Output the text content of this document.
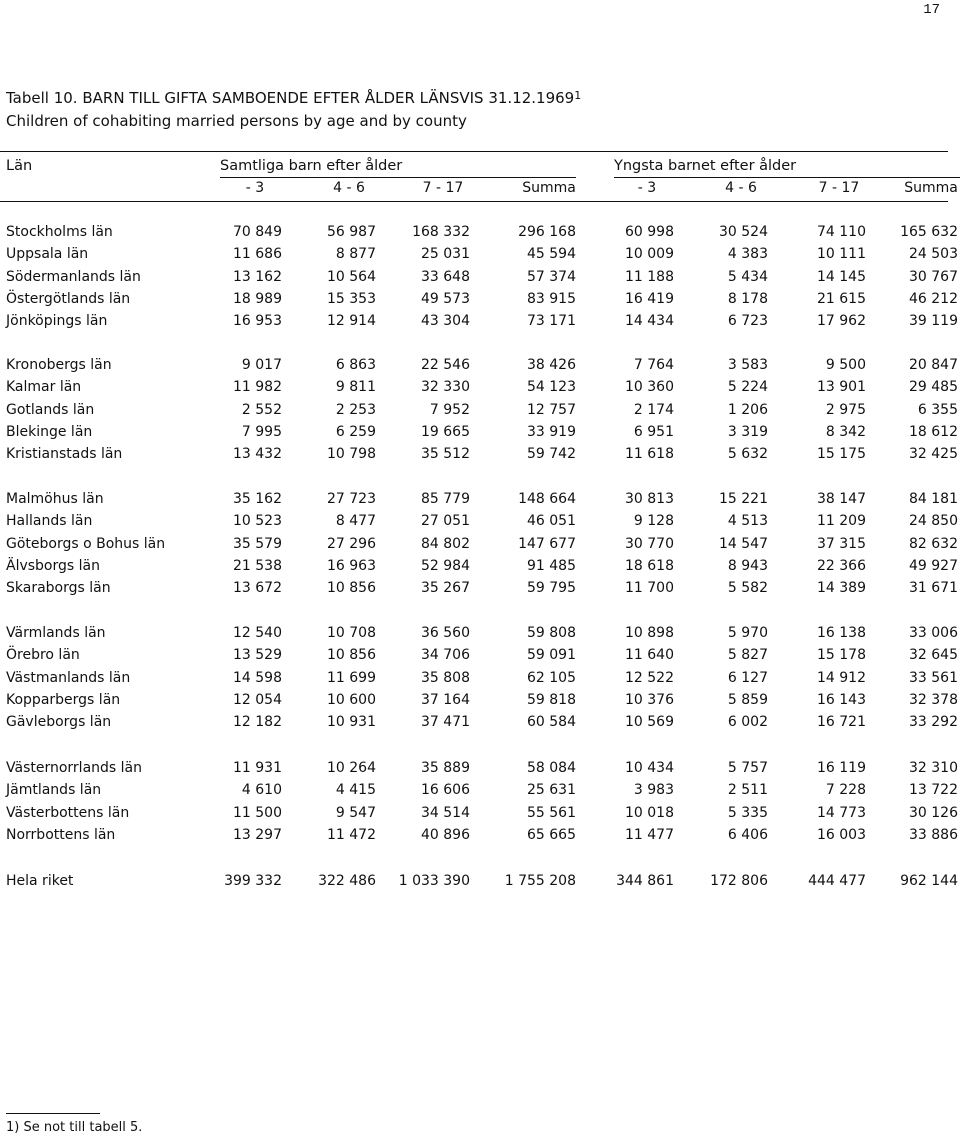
17
Tabell 10. BARN TILL GIFTA SAMBOENDE EFTER ÅLDER LÄNSVIS 31.12.1969$^1$
Children of cohabiting married persons by age and by county
Län	Samtliga barn efter ålder	Yngsta barnet efter ålder
- 3	4 - 6	7 - 17	Summa	- 3	4 - 6	7 - 17	Summa
Stockholms län	70 849	56 987	168 332	296 168	60 998	30 524	74 110	165 632
Uppsala län	11 686	8 877	25 031	45 594	10 009	4 383	10 111	24 503
Södermanlands län	13 162	10 564	33 648	57 374	11 188	5 434	14 145	30 767
Östergötlands län	18 989	15 353	49 573	83 915	16 419	8 178	21 615	46 212
Jönköpings län	16 953	12 914	43 304	73 171	14 434	6 723	17 962	39 119
Kronobergs län	9 017	6 863	22 546	38 426	7 764	3 583	9 500	20 847
Kalmar län	11 982	9 811	32 330	54 123	10 360	5 224	13 901	29 485
Gotlands län	2 552	2 253	7 952	12 757	2 174	1 206	2 975	6 355
Blekinge län	7 995	6 259	19 665	33 919	6 951	3 319	8 342	18 612
Kristianstads län	13 432	10 798	35 512	59 742	11 618	5 632	15 175	32 425
Malmöhus län	35 162	27 723	85 779	148 664	30 813	15 221	38 147	84 181
Hallands län	10 523	8 477	27 051	46 051	9 128	4 513	11 209	24 850
Göteborgs o Bohus län	35 579	27 296	84 802	147 677	30 770	14 547	37 315	82 632
Älvsborgs län	21 538	16 963	52 984	91 485	18 618	8 943	22 366	49 927
Skaraborgs län	13 672	10 856	35 267	59 795	11 700	5 582	14 389	31 671
Värmlands län	12 540	10 708	36 560	59 808	10 898	5 970	16 138	33 006
Örebro län	13 529	10 856	34 706	59 091	11 640	5 827	15 178	32 645
Västmanlands län	14 598	11 699	35 808	62 105	12 522	6 127	14 912	33 561
Kopparbergs län	12 054	10 600	37 164	59 818	10 376	5 859	16 143	32 378
Gävleborgs län	12 182	10 931	37 471	60 584	10 569	6 002	16 721	33 292
Västernorrlands län	11 931	10 264	35 889	58 084	10 434	5 757	16 119	32 310
Jämtlands län	4 610	4 415	16 606	25 631	3 983	2 511	7 228	13 722
Västerbottens län	11 500	9 547	34 514	55 561	10 018	5 335	14 773	30 126
Norrbottens län	13 297	11 472	40 896	65 665	11 477	6 406	16 003	33 886
Hela riket	399 332	322 486	1 033 390	1 755 208	344 861	172 806	444 477	962 144
1) Se not till tabell 5.
